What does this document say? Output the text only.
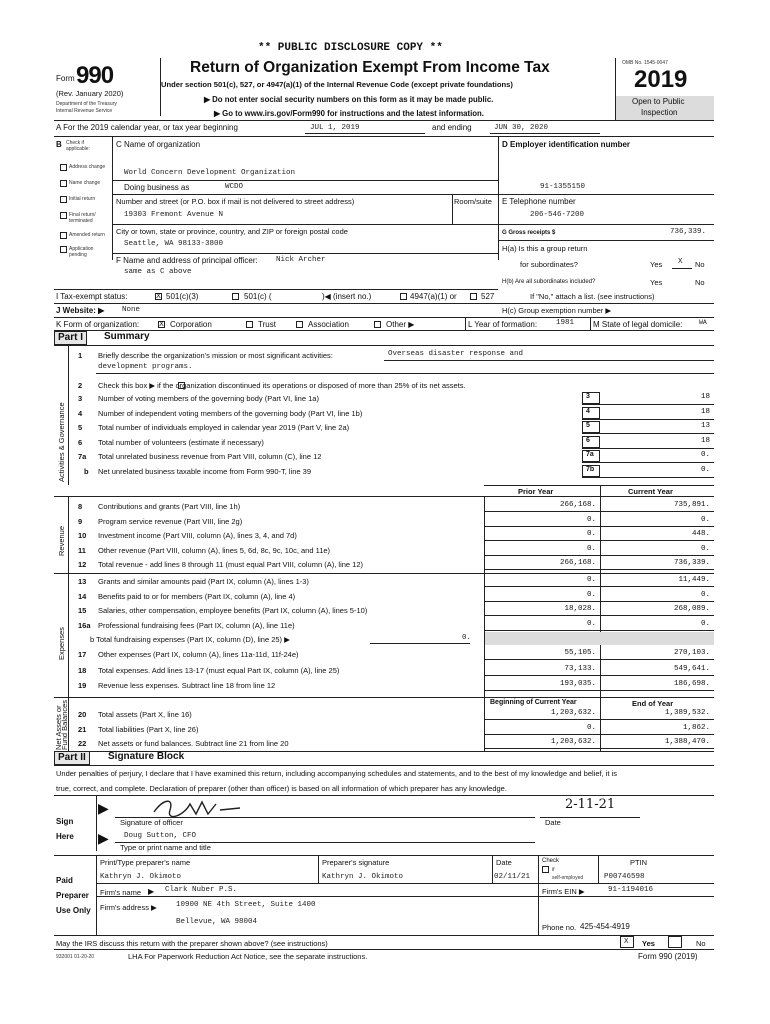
** PUBLIC DISCLOSURE COPY **
Form 990
(Rev. January 2020)
Department of the Treasury
Internal Revenue Service
Return of Organization Exempt From Income Tax
Under section 501(c), 527, or 4947(a)(1) of the Internal Revenue Code (except private foundations)
▶ Do not enter social security numbers on this form as it may be made public.
▶ Go to www.irs.gov/Form990 for instructions and the latest information.
OMB No. 1545-0047
2019
Open to Public
Inspection
A For the 2019 calendar year, or tax year beginning	JUL 1, 2019	and ending	JUN 30, 2020
B Check if applicable:
Address change
Name change
Initial return
Final return/ terminated
Amended return
Application pending
C Name of organization
World Concern Development Organization
Doing business as	WCDO
Number and street (or P.O. box if mail is not delivered to street address)	Room/suite
19303 Fremont Avenue N
City or town, state or province, country, and ZIP or foreign postal code
Seattle, WA 98133-3800
F Name and address of principal officer: Nick Archer
same as C above
D Employer identification number
91-1355150
E Telephone number
206-546-7200
G Gross receipts $	736,339.
H(a) Is this a group return
for subordinates?	Yes X No
H(b) Are all subordinates included?	Yes	No
If "No," attach a list. (see instructions)
I Tax-exempt status:	X 501(c)(3)	501(c) (	)◀ (insert no.)	4947(a)(1) or	527
J Website: ▶ None	H(c) Group exemption number ▶
K Form of organization:	X Corporation	Trust	Association	Other ▶	L Year of formation:	1981 M State of legal domicile:	WA
Part I	Summary
Activities & Governance
1 Briefly describe the organization's mission or most significant activities:	Overseas disaster response and
development programs.
2 Check this box ▶ if the organization discontinued its operations or disposed of more than 25% of its net assets.
3 Number of voting members of the governing body (Part VI, line 1a)	3	18
4 Number of independent voting members of the governing body (Part VI, line 1b)	4	18
5 Total number of individuals employed in calendar year 2019 (Part V, line 2a)	5	13
6 Total number of volunteers (estimate if necessary)	6	18
7a Total unrelated business revenue from Part VIII, column (C), line 12	7a	0.
b Net unrelated business taxable income from Form 990-T, line 39	7b	0.
Prior Year	Current Year
Revenue
Expenses
8 Contributions and grants (Part VIII, line 1h)	266,168.	735,891.
9 Program service revenue (Part VIII, line 2g)	0.	0.
10 Investment income (Part VIII, column (A), lines 3, 4, and 7d)	0.	448.
11 Other revenue (Part VIII, column (A), lines 5, 6d, 8c, 9c, 10c, and 11e)	0.	0.
12 Total revenue - add lines 8 through 11 (must equal Part VIII, column (A), line 12)	266,168.	736,339.
13 Grants and similar amounts paid (Part IX, column (A), lines 1-3)	0.	11,449.
14 Benefits paid to or for members (Part IX, column (A), line 4)	0.	0.
15 Salaries, other compensation, employee benefits (Part IX, column (A), lines 5-10)	18,028.	268,089.
16a Professional fundraising fees (Part IX, column (A), line 11e)	0.	0.
b Total fundraising expenses (Part IX, column (D), line 25) ▶	0.
17 Other expenses (Part IX, column (A), lines 11a-11d, 11f-24e)	55,105.	270,103.
18 Total expenses. Add lines 13-17 (must equal Part IX, column (A), line 25)	73,133.	549,641.
19 Revenue less expenses. Subtract line 18 from line 12	193,035.	186,698.
Net Assets or Fund Balances	Beginning of Current Year	End of Year
20 Total assets (Part X, line 16)	1,203,632.	1,389,532.
21 Total liabilities (Part X, line 26)	0.	1,862.
22 Net assets or fund balances. Subtract line 21 from line 20	1,203,632.	1,388,470.
Part II	Signature Block
Under penalties of perjury, I declare that I have examined this return, including accompanying schedules and statements, and to the best of my knowledge and belief, it is
true, correct, and complete. Declaration of preparer (other than officer) is based on all information of which preparer has any knowledge.
Sign
Here
▶
▶
Signature of officer
2-11-21
Date
Doug Sutton, CFO
Type or print name and title
Paid
Preparer
Use Only
Print/Type preparer's name
Kathryn J. Okimoto
Preparer's signature
Kathryn J. Okimoto
Date
02/11/21
Check
if
self-employed
PTIN
P00746598
Firm's name ▶ Clark Nuber P.S.	Firm's EIN ▶	91-1194016
Firm's address ▶	10900 NE 4th Street, Suite 1400
Bellevue, WA 98004
Phone no. 425-454-4919
May the IRS discuss this return with the preparer shown above? (see instructions)	X Yes	No
932001 01-20-20	LHA For Paperwork Reduction Act Notice, see the separate instructions.	Form 990 (2019)
